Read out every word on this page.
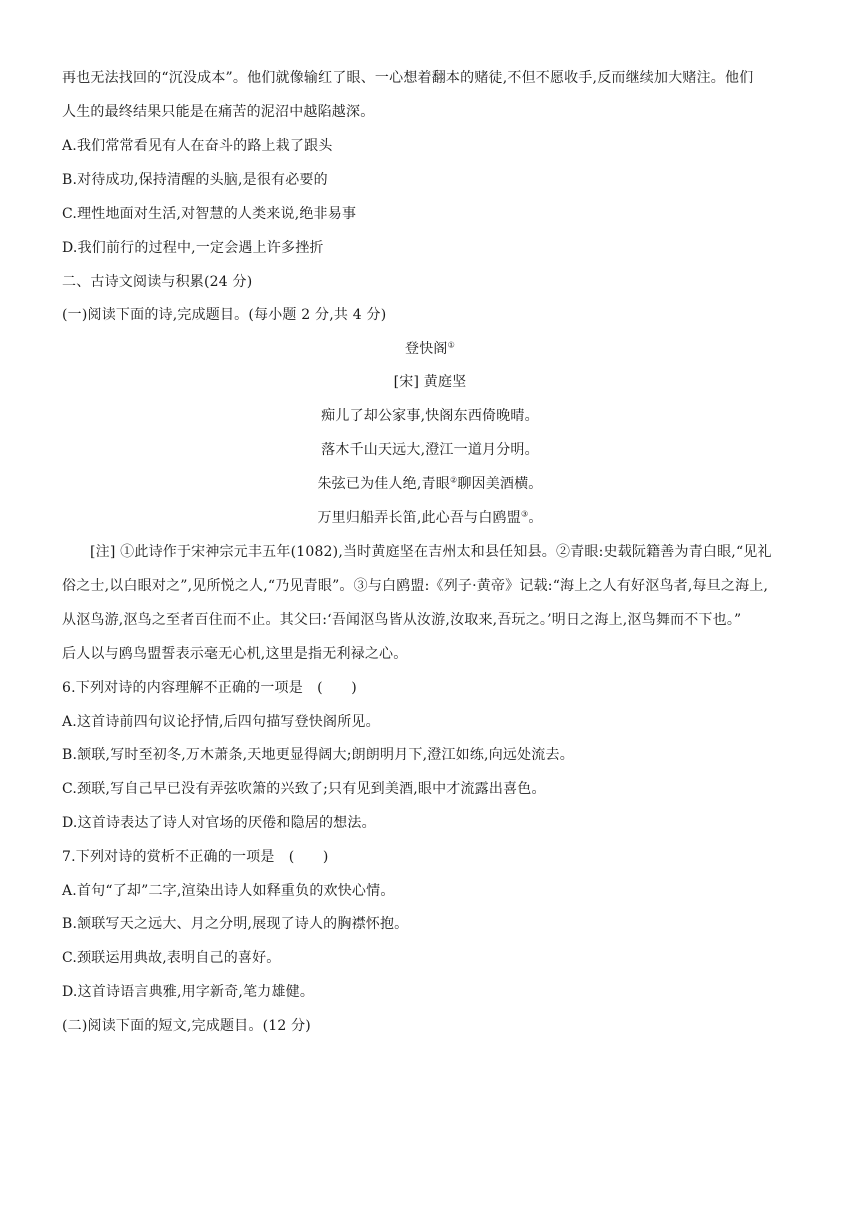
再也无法找回的“沉没成本”。他们就像输红了眼、一心想着翻本的赌徒,不但不愿收手,反而继续加大赌注。他们
人生的最终结果只能是在痛苦的泥沼中越陷越深。
A.我们常常看见有人在奋斗的路上栽了跟头
B.对待成功,保持清醒的头脑,是很有必要的
C.理性地面对生活,对智慧的人类来说,绝非易事
D.我们前行的过程中,一定会遇上许多挫折
二、古诗文阅读与积累(24 分)
(一)阅读下面的诗,完成题目。(每小题 2 分,共 4 分)
登快阁①
[宋] 黄庭坚
痴儿了却公家事,快阁东西倚晚晴。
落木千山天远大,澄江一道月分明。
朱弦已为佳人绝,青眼②聊因美酒横。
万里归船弄长笛,此心吾与白鸥盟③。
[注] ①此诗作于宋神宗元丰五年(1082),当时黄庭坚在吉州太和县任知县。②青眼:史载阮籍善为青白眼,“见礼
俗之士,以白眼对之”,见所悦之人,“乃见青眼”。③与白鸥盟:《列子·黄帝》记载:“海上之人有好沤鸟者,每旦之海上,
从沤鸟游,沤鸟之至者百住而不止。其父曰:‘吾闻沤鸟皆从汝游,汝取来,吾玩之。’明日之海上,沤鸟舞而不下也。”
后人以与鸥鸟盟誓表示毫无心机,这里是指无利禄之心。
6.下列对诗的内容理解不正确的一项是　(　　)
A.这首诗前四句议论抒情,后四句描写登快阁所见。
B.颔联,写时至初冬,万木萧条,天地更显得阔大;朗朗明月下,澄江如练,向远处流去。
C.颈联,写自己早已没有弄弦吹箫的兴致了;只有见到美酒,眼中才流露出喜色。
D.这首诗表达了诗人对官场的厌倦和隐居的想法。
7.下列对诗的赏析不正确的一项是　(　　)
A.首句“了却”二字,渲染出诗人如释重负的欢快心情。
B.颔联写天之远大、月之分明,展现了诗人的胸襟怀抱。
C.颈联运用典故,表明自己的喜好。
D.这首诗语言典雅,用字新奇,笔力雄健。
(二)阅读下面的短文,完成题目。(12 分)
